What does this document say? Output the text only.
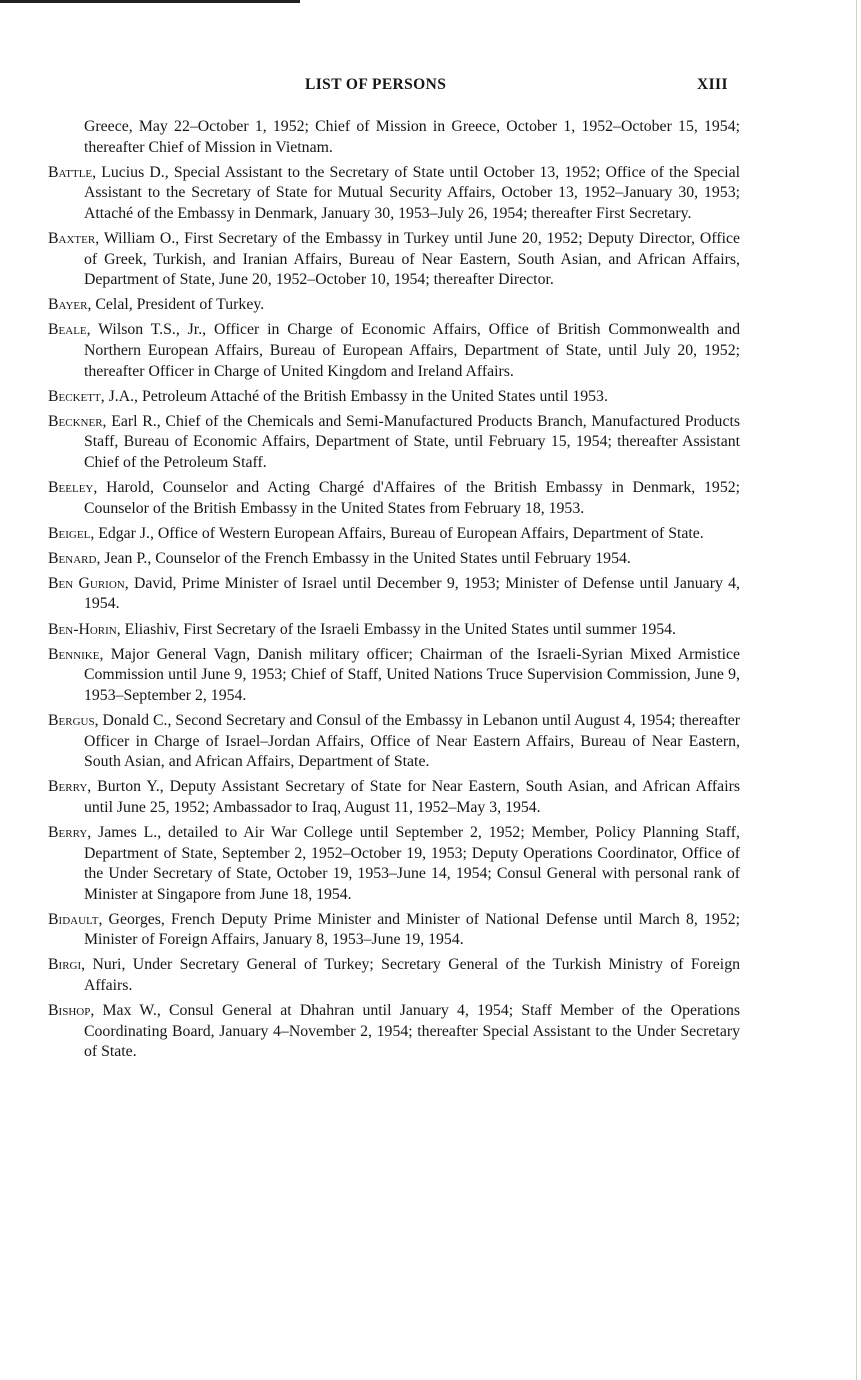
LIST OF PERSONS	XIII

Greece, May 22–October 1, 1952; Chief of Mission in Greece, October 1, 1952–October 15, 1954; thereafter Chief of Mission in Vietnam.

Battle, Lucius D., Special Assistant to the Secretary of State until October 13, 1952; Office of the Special Assistant to the Secretary of State for Mutual Security Affairs, October 13, 1952–January 30, 1953; Attaché of the Embassy in Denmark, January 30, 1953–July 26, 1954; thereafter First Secretary.

Baxter, William O., First Secretary of the Embassy in Turkey until June 20, 1952; Deputy Director, Office of Greek, Turkish, and Iranian Affairs, Bureau of Near Eastern, South Asian, and African Affairs, Department of State, June 20, 1952–October 10, 1954; thereafter Director.

Bayer, Celal, President of Turkey.

Beale, Wilson T.S., Jr., Officer in Charge of Economic Affairs, Office of British Commonwealth and Northern European Affairs, Bureau of European Affairs, Department of State, until July 20, 1952; thereafter Officer in Charge of United Kingdom and Ireland Affairs.

Beckett, J.A., Petroleum Attaché of the British Embassy in the United States until 1953.

Beckner, Earl R., Chief of the Chemicals and Semi-Manufactured Products Branch, Manufactured Products Staff, Bureau of Economic Affairs, Department of State, until February 15, 1954; thereafter Assistant Chief of the Petroleum Staff.

Beeley, Harold, Counselor and Acting Chargé d'Affaires of the British Embassy in Denmark, 1952; Counselor of the British Embassy in the United States from February 18, 1953.

Beigel, Edgar J., Office of Western European Affairs, Bureau of European Affairs, Department of State.

Benard, Jean P., Counselor of the French Embassy in the United States until February 1954.

Ben Gurion, David, Prime Minister of Israel until December 9, 1953; Minister of Defense until January 4, 1954.

Ben-Horin, Eliashiv, First Secretary of the Israeli Embassy in the United States until summer 1954.

Bennike, Major General Vagn, Danish military officer; Chairman of the Israeli-Syrian Mixed Armistice Commission until June 9, 1953; Chief of Staff, United Nations Truce Supervision Commission, June 9, 1953–September 2, 1954.

Bergus, Donald C., Second Secretary and Consul of the Embassy in Lebanon until August 4, 1954; thereafter Officer in Charge of Israel–Jordan Affairs, Office of Near Eastern Affairs, Bureau of Near Eastern, South Asian, and African Affairs, Department of State.

Berry, Burton Y., Deputy Assistant Secretary of State for Near Eastern, South Asian, and African Affairs until June 25, 1952; Ambassador to Iraq, August 11, 1952–May 3, 1954.

Berry, James L., detailed to Air War College until September 2, 1952; Member, Policy Planning Staff, Department of State, September 2, 1952–October 19, 1953; Deputy Operations Coordinator, Office of the Under Secretary of State, October 19, 1953–June 14, 1954; Consul General with personal rank of Minister at Singapore from June 18, 1954.

Bidault, Georges, French Deputy Prime Minister and Minister of National Defense until March 8, 1952; Minister of Foreign Affairs, January 8, 1953–June 19, 1954.

Birgi, Nuri, Under Secretary General of Turkey; Secretary General of the Turkish Ministry of Foreign Affairs.

Bishop, Max W., Consul General at Dhahran until January 4, 1954; Staff Member of the Operations Coordinating Board, January 4–November 2, 1954; thereafter Special Assistant to the Under Secretary of State.
